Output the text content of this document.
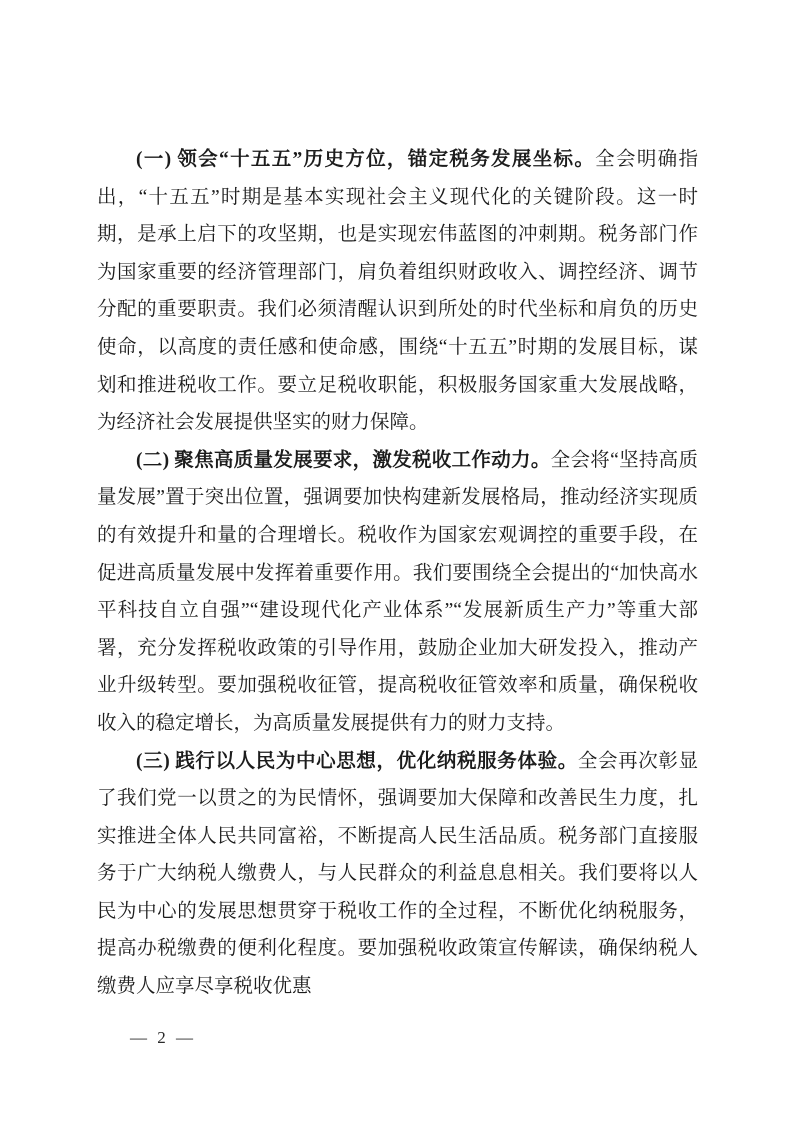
(一) 领会“十五五”历史方位，锚定税务发展坐标。全会明确指出，“十五五”时期是基本实现社会主义现代化的关键阶段。这一时期，是承上启下的攻坚期，也是实现宏伟蓝图的冲刺期。税务部门作为国家重要的经济管理部门，肩负着组织财政收入、调控经济、调节分配的重要职责。我们必须清醒认识到所处的时代坐标和肩负的历史使命，以高度的责任感和使命感，围绕“十五五”时期的发展目标，谋划和推进税收工作。要立足税收职能，积极服务国家重大发展战略，为经济社会发展提供坚实的财力保障。

(二) 聚焦高质量发展要求，激发税收工作动力。全会将“坚持高质量发展”置于突出位置，强调要加快构建新发展格局，推动经济实现质的有效提升和量的合理增长。税收作为国家宏观调控的重要手段，在促进高质量发展中发挥着重要作用。我们要围绕全会提出的“加快高水平科技自立自强”“建设现代化产业体系”“发展新质生产力”等重大部署，充分发挥税收政策的引导作用，鼓励企业加大研发投入，推动产业升级转型。要加强税收征管，提高税收征管效率和质量，确保税收收入的稳定增长，为高质量发展提供有力的财力支持。

(三) 践行以人民为中心思想，优化纳税服务体验。全会再次彰显了我们党一以贯之的为民情怀，强调要加大保障和改善民生力度，扎实推进全体人民共同富裕，不断提高人民生活品质。税务部门直接服务于广大纳税人缴费人，与人民群众的利益息息相关。我们要将以人民为中心的发展思想贯穿于税收工作的全过程，不断优化纳税服务，提高办税缴费的便利化程度。要加强税收政策宣传解读，确保纳税人缴费人应享尽享税收优惠

— 2 —
